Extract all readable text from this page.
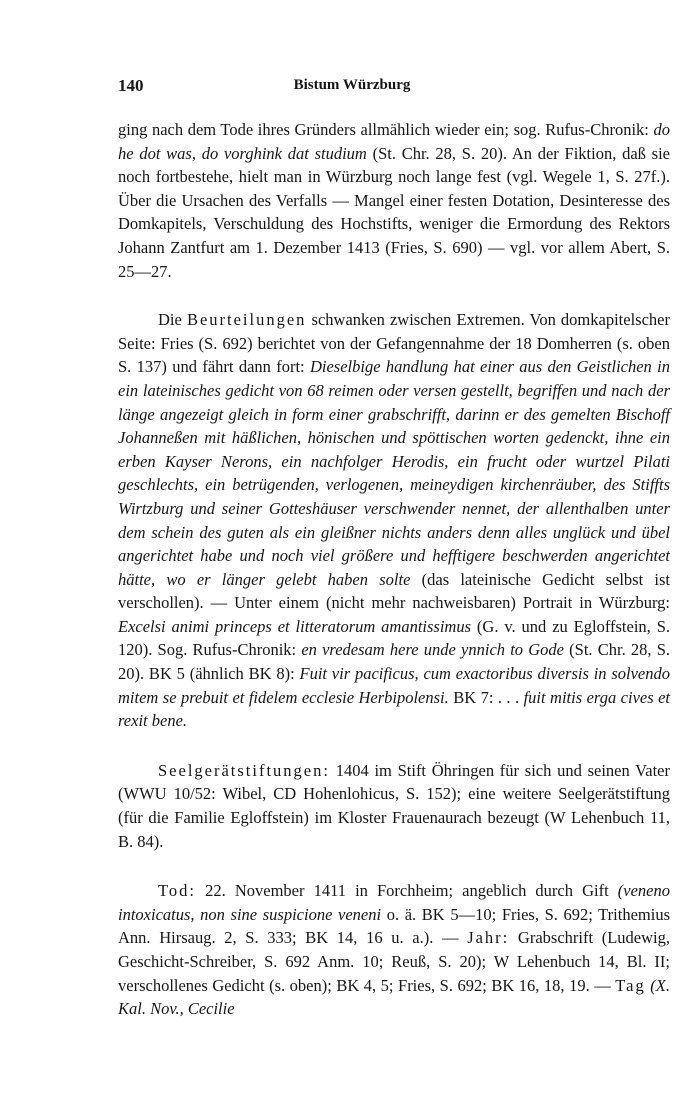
140	Bistum Würzburg

ging nach dem Tode ihres Gründers allmählich wieder ein; sog. Rufus-Chronik: do he dot was, do vorghink dat studium (St. Chr. 28, S. 20). An der Fiktion, daß sie noch fortbestehe, hielt man in Würzburg noch lange fest (vgl. Wegele 1, S. 27f.). Über die Ursachen des Verfalls — Mangel einer festen Dotation, Desinteresse des Domkapitels, Verschuldung des Hochstifts, weniger die Ermordung des Rektors Johann Zantfurt am 1. Dezember 1413 (Fries, S. 690) — vgl. vor allem Abert, S. 25—27.

Die Beurteilungen schwanken zwischen Extremen. Von domkapitelscher Seite: Fries (S. 692) berichtet von der Gefangennahme der 18 Domherren (s. oben S. 137) und fährt dann fort: Dieselbige handlung hat einer aus den Geistlichen in ein lateinisches gedicht von 68 reimen oder versen gestellt, begriffen und nach der länge angezeigt gleich in form einer grabschrifft, darinn er des gemelten Bischoff Johanneßen mit häßlichen, hönischen und spöttischen worten gedenckt, ihne ein erben Kayser Nerons, ein nachfolger Herodis, ein frucht oder wurtzel Pilati geschlechts, ein betrügenden, verlogenen, meineydigen kirchenräuber, des Stiffts Wirtzburg und seiner Gotteshäuser verschwender nennet, der allenthalben unter dem schein des guten als ein gleißner nichts anders denn alles unglück und übel angerichtet habe und noch viel größere und hefftigere beschwerden angerichtet hätte, wo er länger gelebt haben solte (das lateinische Gedicht selbst ist verschollen). — Unter einem (nicht mehr nachweisbaren) Portrait in Würzburg: Excelsi animi princeps et litteratorum amantissimus (G. v. und zu Egloffstein, S. 120). Sog. Rufus-Chronik: en vredesam here unde ynnich to Gode (St. Chr. 28, S. 20). BK 5 (ähnlich BK 8): Fuit vir pacificus, cum exactoribus diversis in solvendo mitem se prebuit et fidelem ecclesie Herbipolensi. BK 7: . . . fuit mitis erga cives et rexit bene.

Seelgerätstiftungen: 1404 im Stift Öhringen für sich und seinen Vater (WWU 10/52: Wibel, CD Hohenlohicus, S. 152); eine weitere Seelgerätstiftung (für die Familie Egloffstein) im Kloster Frauenaurach bezeugt (W Lehenbuch 11, B. 84).

Tod: 22. November 1411 in Forchheim; angeblich durch Gift (veneno intoxicatus, non sine suspicione veneni o. ä. BK 5—10; Fries, S. 692; Trithemius Ann. Hirsaug. 2, S. 333; BK 14, 16 u. a.). — Jahr: Grabschrift (Ludewig, Geschicht-Schreiber, S. 692 Anm. 10; Reuß, S. 20); W Lehenbuch 14, Bl. II; verschollenes Gedicht (s. oben); BK 4, 5; Fries, S. 692; BK 16, 18, 19. — Tag (X. Kal. Nov., Cecilie
